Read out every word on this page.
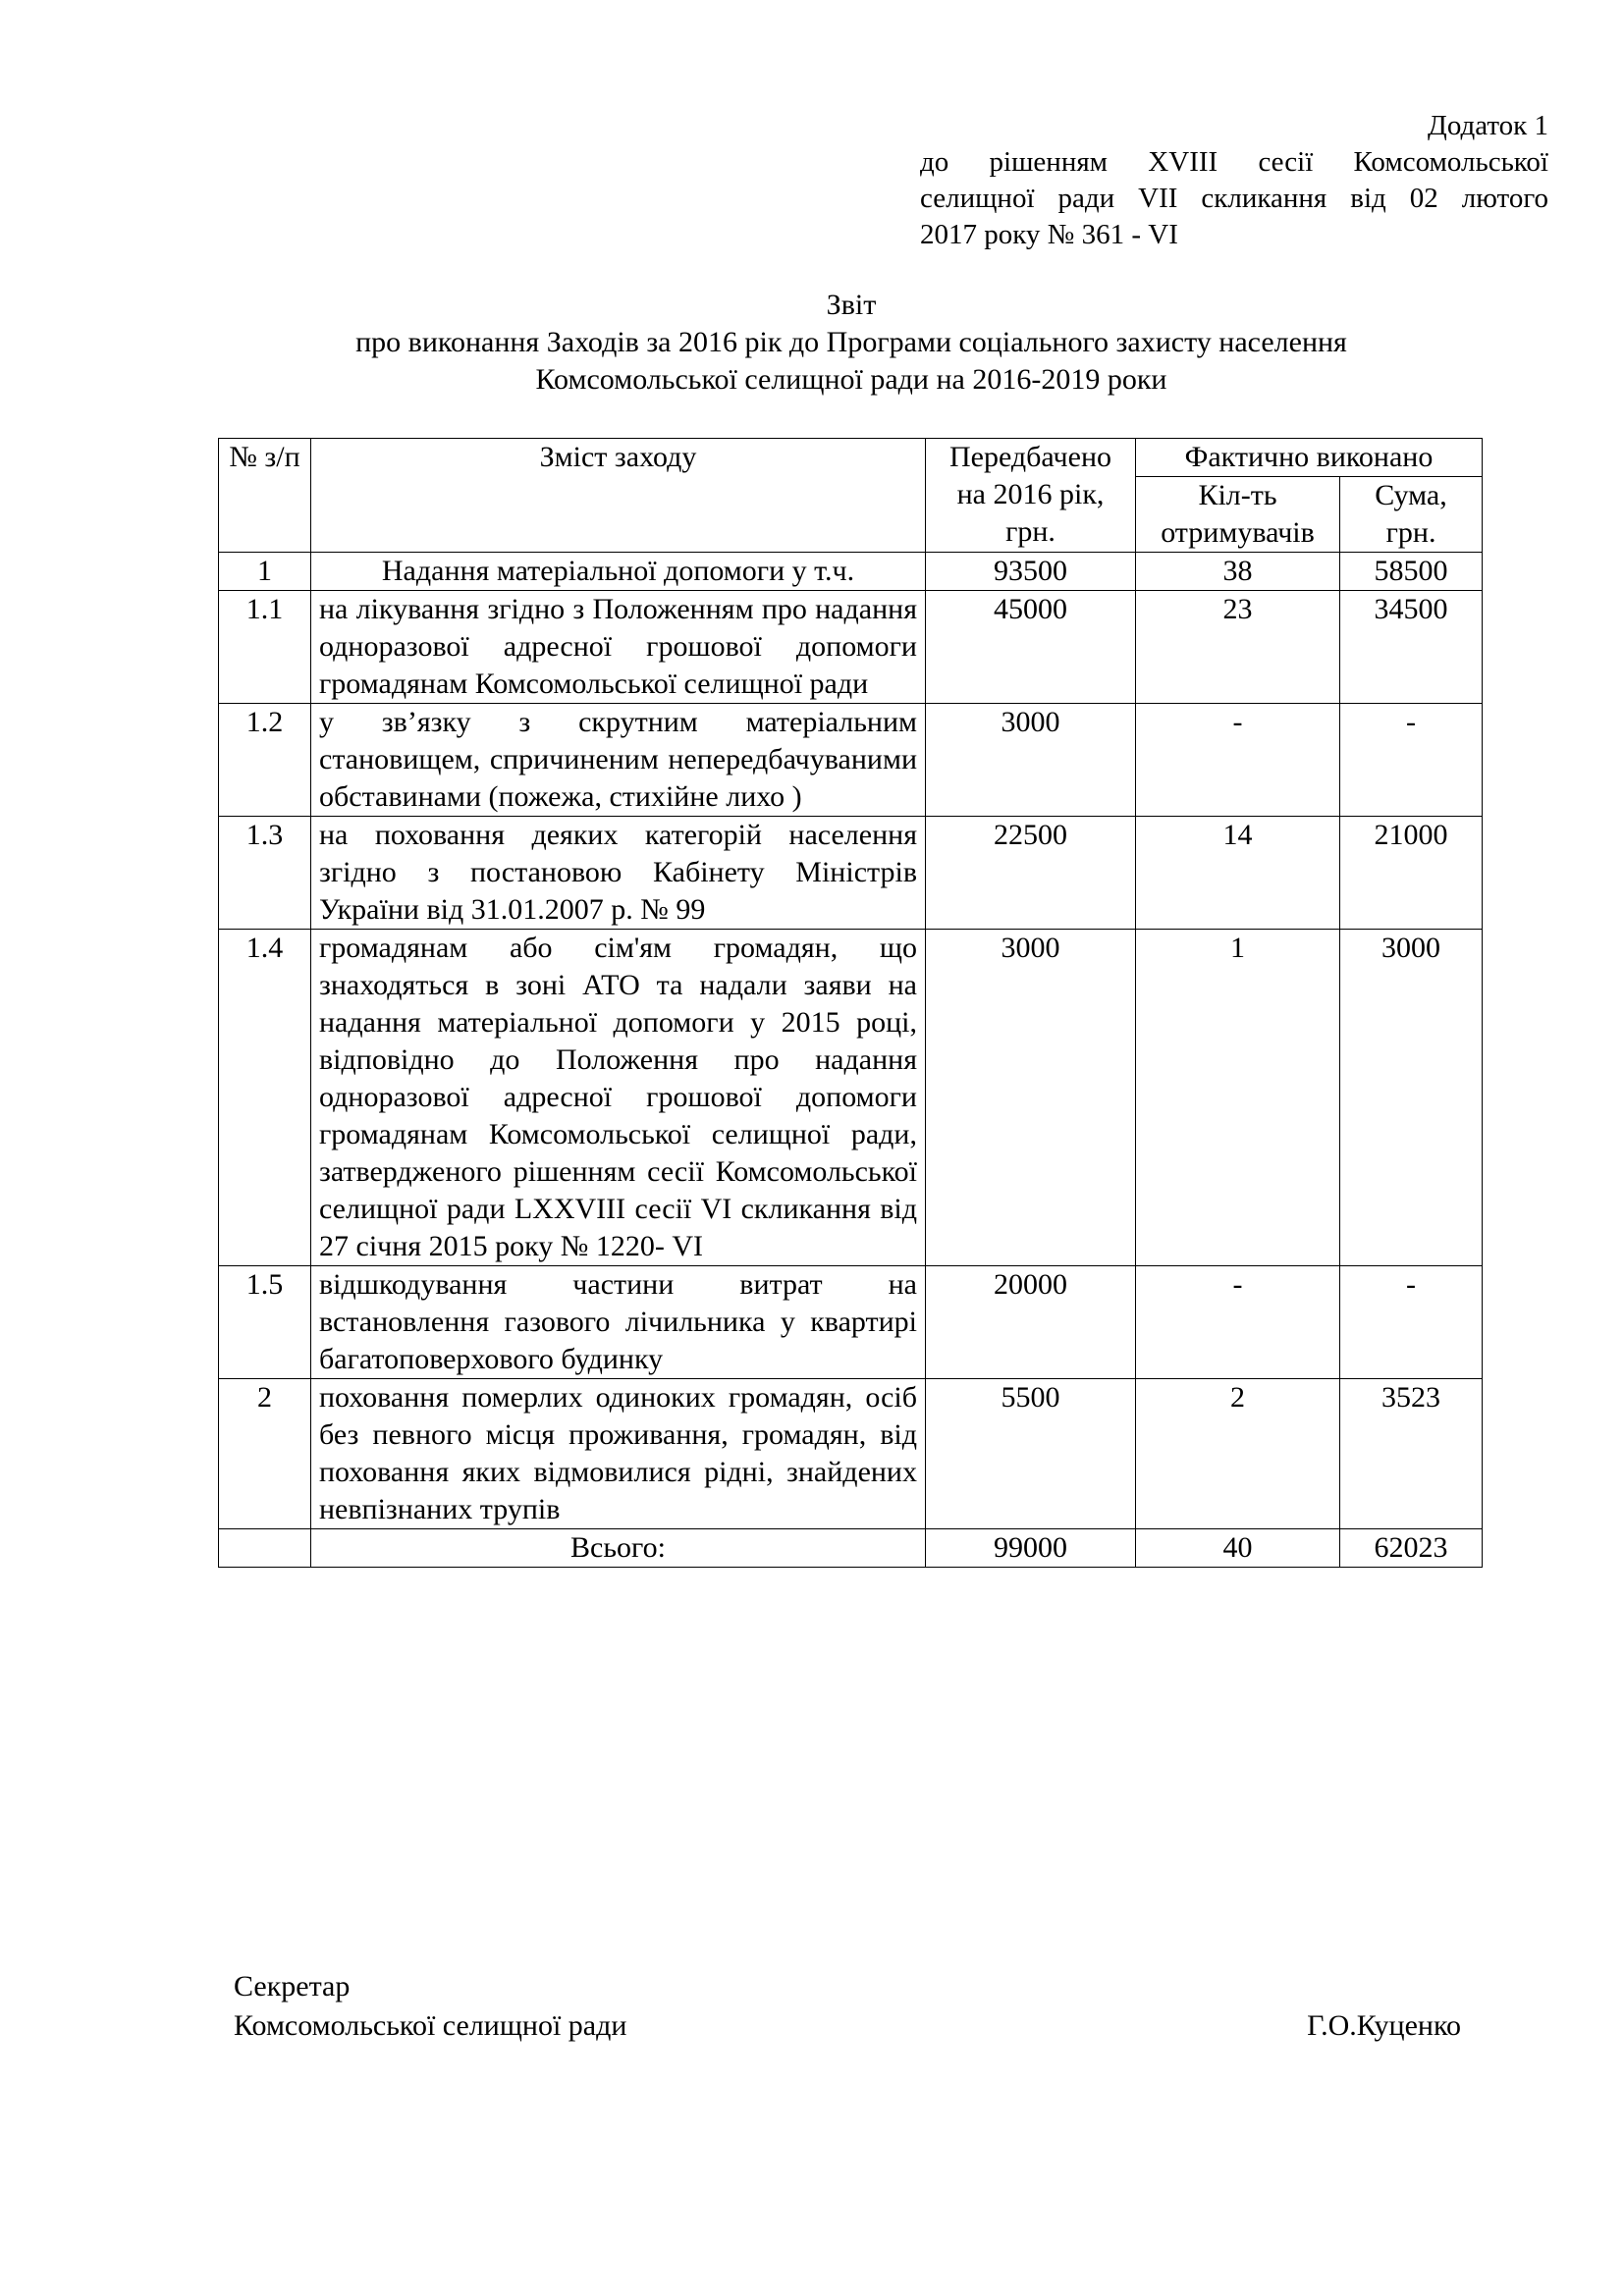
Додаток 1
до рішенням XVIII сесії Комсомольської
селищної ради VII скликання від 02 лютого
2017 року № 361 - VI
Звіт
про виконання Заходів за 2016 рік до Програми соціального захисту населення
Комсомольської селищної ради на 2016-2019 роки
№ з/п	Зміст заходу	Передбачено на 2016 рік, грн.	Фактично виконано	
			Кіл-ть отримувачів	Сума, грн.
1	Надання матеріальної допомоги у т.ч.	93500	38	58500
1.1	на лікування згідно з Положенням про надання одноразової адресної грошової допомоги громадянам Комсомольської селищної ради	45000	23	34500
1.2	у зв’язку з скрутним матеріальним становищем, спричиненим непередбачуваними обставинами (пожежа, стихійне лихо )	3000	-	-
1.3	на поховання деяких категорій населення згідно з постановою Кабінету Міністрів України від 31.01.2007 р. № 99	22500	14	21000
1.4	громадянам або сім'ям громадян, що знаходяться в зоні АТО та надали заяви на надання матеріальної допомоги у 2015 році, відповідно до Положення про надання одноразової адресної грошової допомоги громадянам Комсомольської селищної ради, затвердженого рішенням сесії Комсомольської селищної ради LXXVIII сесії VI скликання від 27 січня 2015 року № 1220- VI	3000	1	3000
1.5	відшкодування частини витрат на встановлення газового лічильника у квартирі багатоповерхового будинку	20000	-	-
2	поховання померлих одиноких громадян, осіб без певного місця проживання, громадян, від поховання яких відмовилися рідні, знайдених невпізнаних трупів	5500	2	3523
	Всього:	99000	40	62023
Секретар
Комсомольської селищної ради	Г.О.Куценко
